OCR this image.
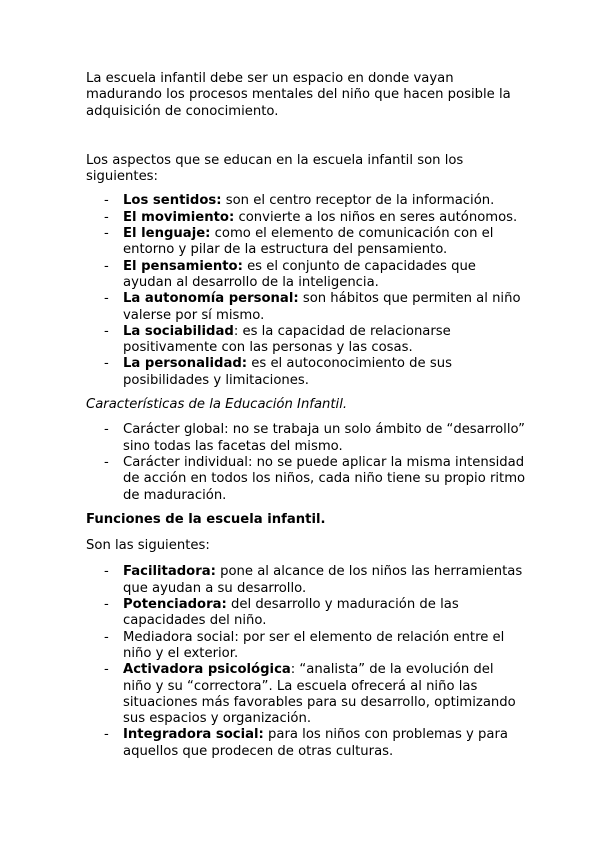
La escuela infantil debe ser un espacio en donde vayan madurando los procesos mentales del niño que hacen posible la adquisición de conocimiento.

Los aspectos que se educan en la escuela infantil son los siguientes:

- Los sentidos: son el centro receptor de la información.
- El movimiento: convierte a los niños en seres autónomos.
- El lenguaje: como el elemento de comunicación con el entorno y pilar de la estructura del pensamiento.
- El pensamiento: es el conjunto de capacidades que ayudan al desarrollo de la inteligencia.
- La autonomía personal: son hábitos que permiten al niño valerse por sí mismo.
- La sociabilidad: es la capacidad de relacionarse positivamente con las personas y las cosas.
- La personalidad: es el autoconocimiento de sus posibilidades y limitaciones.

Características de la Educación Infantil.

- Carácter global: no se trabaja un solo ámbito de “desarrollo” sino todas las facetas del mismo.
- Carácter individual: no se puede aplicar la misma intensidad de acción en todos los niños, cada niño tiene su propio ritmo de maduración.

Funciones de la escuela infantil.

Son las siguientes:

- Facilitadora: pone al alcance de los niños las herramientas que ayudan a su desarrollo.
- Potenciadora: del desarrollo y maduración de las capacidades del niño.
- Mediadora social: por ser el elemento de relación entre el niño y el exterior.
- Activadora psicológica: “analista” de la evolución del niño y su “correctora”. La escuela ofrecerá al niño las situaciones más favorables para su desarrollo, optimizando sus espacios y organización.
- Integradora social: para los niños con problemas y para aquellos que prodecen de otras culturas.
